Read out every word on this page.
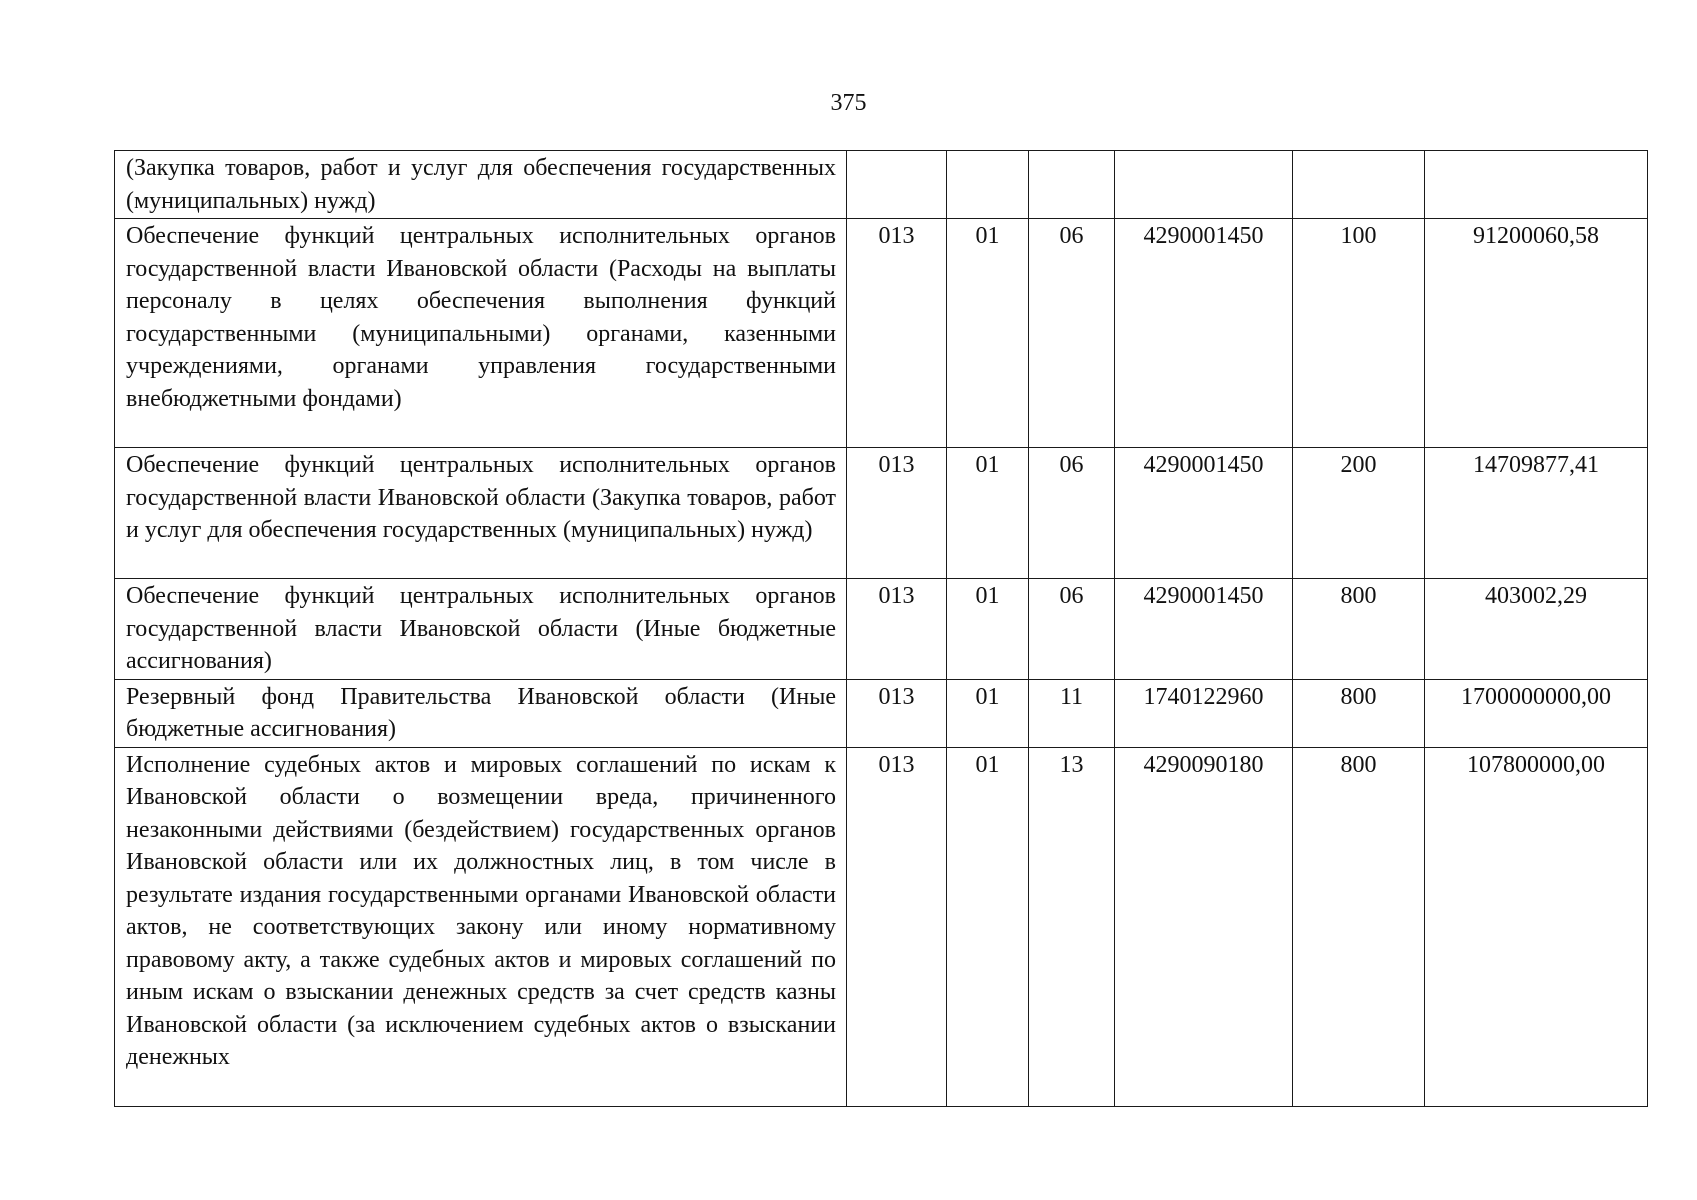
375
(Закупка товаров, работ и услуг для обеспечения государственных (муниципальных) нужд)						
Обеспечение функций центральных исполнительных органов государственной власти Ивановской области (Расходы на выплаты персоналу в целях обеспечения выполнения функций государственными (муниципальными) органами, казенными учреждениями, органами управления государственными внебюджетными фондами)	013	01	06	4290001450	100	91200060,58
Обеспечение функций центральных исполнительных органов государственной власти Ивановской области (Закупка товаров, работ и услуг для обеспечения государственных (муниципальных) нужд)	013	01	06	4290001450	200	14709877,41
Обеспечение функций центральных исполнительных органов государственной власти Ивановской области (Иные бюджетные ассигнования)	013	01	06	4290001450	800	403002,29
Резервный фонд Правительства Ивановской области (Иные бюджетные ассигнования)	013	01	11	1740122960	800	1700000000,00
Исполнение судебных актов и мировых соглашений по искам к Ивановской области о возмещении вреда, причиненного незаконными действиями (бездействием) государственных органов Ивановской области или их должностных лиц, в том числе в результате издания государственными органами Ивановской области актов, не соответствующих закону или иному нормативному правовому акту, а также судебных актов и мировых соглашений по иным искам о взыскании денежных средств за счет средств казны Ивановской области (за исключением судебных актов о взыскании денежных	013	01	13	4290090180	800	107800000,00
